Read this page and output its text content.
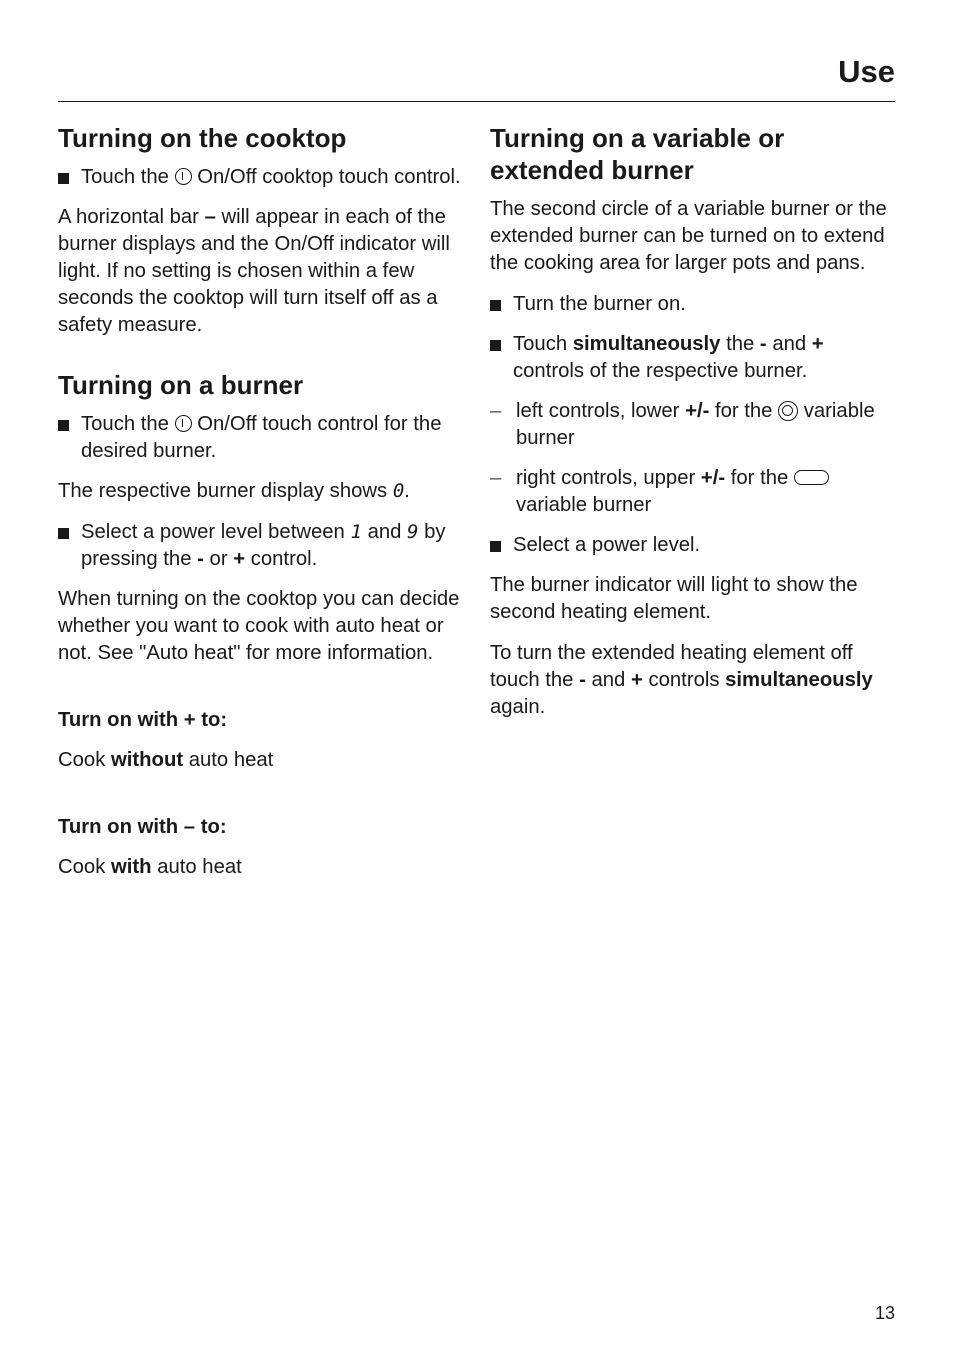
Use
Turning on the cooktop
Touch the On/Off cooktop touch control.

A horizontal bar – will appear in each of the burner displays and the On/Off indicator will light. If no setting is chosen within a few seconds the cooktop will turn itself off as a safety measure.

Turning on a burner
Touch the On/Off touch control for the desired burner.

The respective burner display shows 0.

Select a power level between 1 and 9 by pressing the - or + control.

When turning on the cooktop you can decide whether you want to cook with auto heat or not. See "Auto heat" for more information.

Turn on with + to:

Cook without auto heat

Turn on with – to:

Cook with auto heat

Turning on a variable or extended burner

The second circle of a variable burner or the extended burner can be turned on to extend the cooking area for larger pots and pans.

Turn the burner on.
Touch simultaneously the - and + controls of the respective burner.
– left controls, lower +/- for the variable burner
– right controls, upper +/- for the  variable burner
Select a power level.

The burner indicator will light to show the second heating element.

To turn the extended heating element off touch the - and + controls simultaneously again.

13
